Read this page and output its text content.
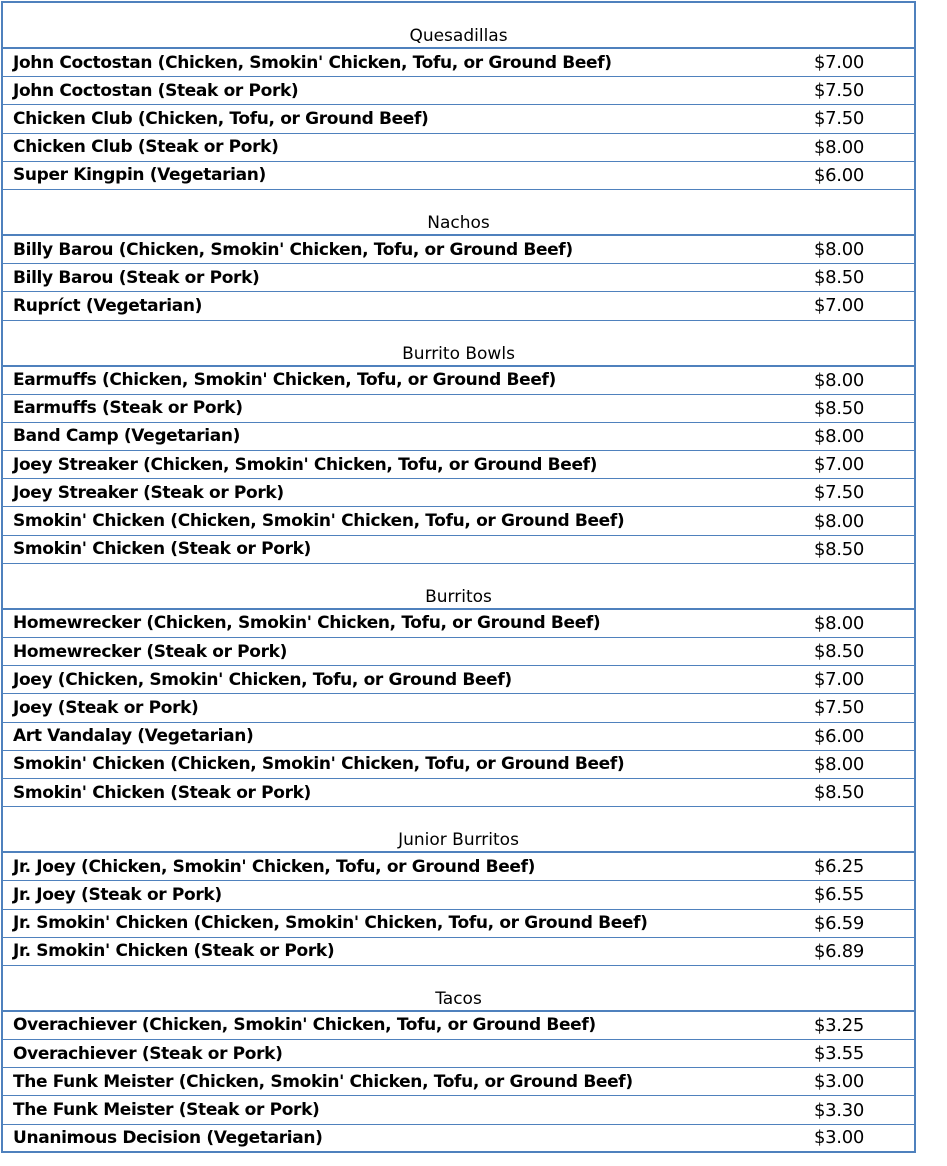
Quesadillas
John Coctostan (Chicken, Smokin' Chicken, Tofu, or Ground Beef)	$7.00
John Coctostan (Steak or Pork)	$7.50
Chicken Club (Chicken, Tofu, or Ground Beef)	$7.50
Chicken Club (Steak or Pork)	$8.00
Super Kingpin (Vegetarian)	$6.00
Nachos
Billy Barou (Chicken, Smokin' Chicken, Tofu, or Ground Beef)	$8.00
Billy Barou (Steak or Pork)	$8.50
Rupríct (Vegetarian)	$7.00
Burrito Bowls
Earmuffs (Chicken, Smokin' Chicken, Tofu, or Ground Beef)	$8.00
Earmuffs (Steak or Pork)	$8.50
Band Camp (Vegetarian)	$8.00
Joey Streaker (Chicken, Smokin' Chicken, Tofu, or Ground Beef)	$7.00
Joey Streaker (Steak or Pork)	$7.50
Smokin' Chicken (Chicken, Smokin' Chicken, Tofu, or Ground Beef)	$8.00
Smokin' Chicken (Steak or Pork)	$8.50
Burritos
Homewrecker (Chicken, Smokin' Chicken, Tofu, or Ground Beef)	$8.00
Homewrecker (Steak or Pork)	$8.50
Joey (Chicken, Smokin' Chicken, Tofu, or Ground Beef)	$7.00
Joey (Steak or Pork)	$7.50
Art Vandalay (Vegetarian)	$6.00
Smokin' Chicken (Chicken, Smokin' Chicken, Tofu, or Ground Beef)	$8.00
Smokin' Chicken (Steak or Pork)	$8.50
Junior Burritos
Jr. Joey (Chicken, Smokin' Chicken, Tofu, or Ground Beef)	$6.25
Jr. Joey (Steak or Pork)	$6.55
Jr. Smokin' Chicken (Chicken, Smokin' Chicken, Tofu, or Ground Beef)	$6.59
Jr. Smokin' Chicken (Steak or Pork)	$6.89
Tacos
Overachiever (Chicken, Smokin' Chicken, Tofu, or Ground Beef)	$3.25
Overachiever (Steak or Pork)	$3.55
The Funk Meister (Chicken, Smokin' Chicken, Tofu, or Ground Beef)	$3.00
The Funk Meister (Steak or Pork)	$3.30
Unanimous Decision (Vegetarian)	$3.00
